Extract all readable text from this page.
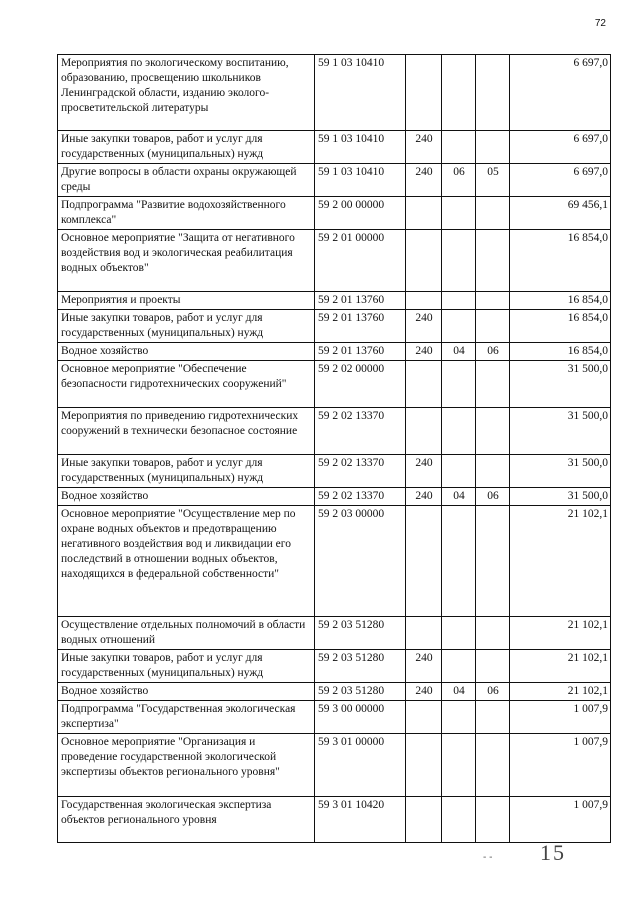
72
Мероприятия по экологическому воспитанию, образованию, просвещению школьников Ленинградской области, изданию эколого-просветительской литературы	59 1 03 10410				6 697,0
Иные закупки товаров, работ и услуг для государственных (муниципальных) нужд	59 1 03 10410	240			6 697,0
Другие вопросы в области охраны окружающей среды	59 1 03 10410	240	06	05	6 697,0
Подпрограмма "Развитие водохозяйственного комплекса"	59 2 00 00000				69 456,1
Основное мероприятие "Защита от негативного воздействия вод и экологическая реабилитация водных объектов"	59 2 01 00000				16 854,0
Мероприятия и проекты	59 2 01 13760				16 854,0
Иные закупки товаров, работ и услуг для государственных (муниципальных) нужд	59 2 01 13760	240			16 854,0
Водное хозяйство	59 2 01 13760	240	04	06	16 854,0
Основное мероприятие "Обеспечение безопасности гидротехнических сооружений"	59 2 02 00000				31 500,0
Мероприятия по приведению гидротехнических сооружений в технически безопасное состояние	59 2 02 13370				31 500,0
Иные закупки товаров, работ и услуг для государственных (муниципальных) нужд	59 2 02 13370	240			31 500,0
Водное хозяйство	59 2 02 13370	240	04	06	31 500,0
Основное мероприятие "Осуществление мер по охране водных объектов и предотвращению негативного воздействия вод и ликвидации его последствий в отношении водных объектов, находящихся в федеральной собственности"	59 2 03 00000				21 102,1
Осуществление отдельных полномочий в области водных отношений	59 2 03 51280				21 102,1
Иные закупки товаров, работ и услуг для государственных (муниципальных) нужд	59 2 03 51280	240			21 102,1
Водное хозяйство	59 2 03 51280	240	04	06	21 102,1
Подпрограмма "Государственная экологическая экспертиза"	59 3 00 00000				1 007,9
Основное мероприятие "Организация и проведение государственной экологической экспертизы объектов регионального уровня"	59 3 01 00000				1 007,9
Государственная экологическая экспертиза объектов регионального уровня	59 3 01 10420				1 007,9
- - 15
